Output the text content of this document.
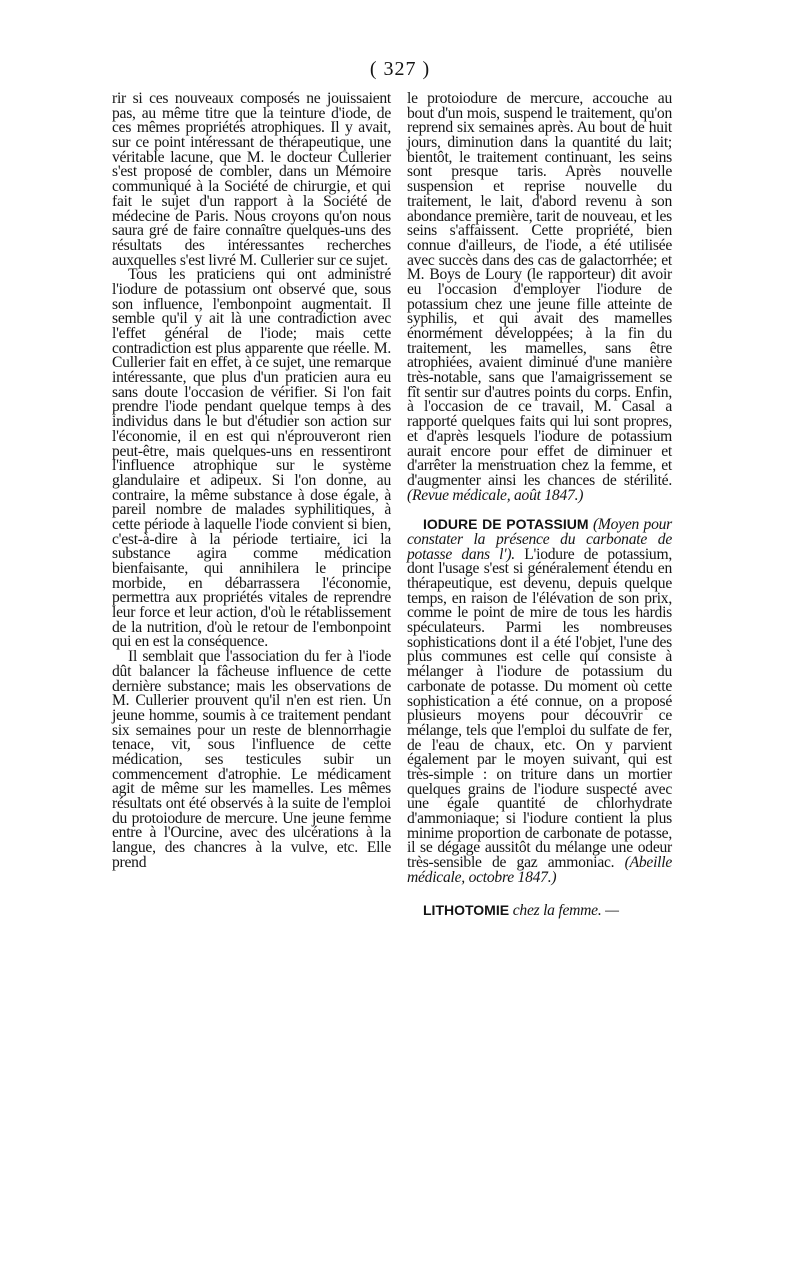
( 327 )

rir si ces nouveaux composés ne jouissaient pas, au même titre que la teinture d'iode, de ces mêmes propriétés atrophiques. Il y avait, sur ce point intéressant de thérapeutique, une véritable lacune, que M. le docteur Cullerier s'est proposé de combler, dans un Mémoire communiqué à la Société de chirurgie, et qui fait le sujet d'un rapport à la Société de médecine de Paris. Nous croyons qu'on nous saura gré de faire connaître quelques-uns des résultats des intéressantes recherches auxquelles s'est livré M. Cullerier sur ce sujet.

Tous les praticiens qui ont administré l'iodure de potassium ont observé que, sous son influence, l'embonpoint augmentait. Il semble qu'il y ait là une contradiction avec l'effet général de l'iode; mais cette contradiction est plus apparente que réelle. M. Cullerier fait en effet, à ce sujet, une remarque intéressante, que plus d'un praticien aura eu sans doute l'occasion de vérifier. Si l'on fait prendre l'iode pendant quelque temps à des individus dans le but d'étudier son action sur l'économie, il en est qui n'éprouveront rien peut-être, mais quelques-uns en ressentiront l'influence atrophique sur le système glandulaire et adipeux. Si l'on donne, au contraire, la même substance à dose égale, à pareil nombre de malades syphilitiques, à cette période à laquelle l'iode convient si bien, c'est-à-dire à la période tertiaire, ici la substance agira comme médication bienfaisante, qui annihilera le principe morbide, en débarrassera l'économie, permettra aux propriétés vitales de reprendre leur force et leur action, d'où le rétablissement de la nutrition, d'où le retour de l'embonpoint qui en est la conséquence.

Il semblait que l'association du fer à l'iode dût balancer la fâcheuse influence de cette dernière substance; mais les observations de M. Cullerier prouvent qu'il n'en est rien. Un jeune homme, soumis à ce traitement pendant six semaines pour un reste de blennorrhagie tenace, vit, sous l'influence de cette médication, ses testicules subir un commencement d'atrophie. Le médicament agit de même sur les mamelles. Les mêmes résultats ont été observés à la suite de l'emploi du protoiodure de mercure. Une jeune femme entre à l'Ourcine, avec des ulcérations à la langue, des chancres à la vulve, etc. Elle prend

le protoiodure de mercure, accouche au bout d'un mois, suspend le traitement, qu'on reprend six semaines après. Au bout de huit jours, diminution dans la quantité du lait; bientôt, le traitement continuant, les seins sont presque taris. Après nouvelle suspension et reprise nouvelle du traitement, le lait, d'abord revenu à son abondance première, tarit de nouveau, et les seins s'affaissent. Cette propriété, bien connue d'ailleurs, de l'iode, a été utilisée avec succès dans des cas de galactorrhée; et M. Boys de Loury (le rapporteur) dit avoir eu l'occasion d'employer l'iodure de potassium chez une jeune fille atteinte de syphilis, et qui avait des mamelles énormément développées; à la fin du traitement, les mamelles, sans être atrophiées, avaient diminué d'une manière très-notable, sans que l'amaigrissement se fît sentir sur d'autres points du corps. Enfin, à l'occasion de ce travail, M. Casal a rapporté quelques faits qui lui sont propres, et d'après lesquels l'iodure de potassium aurait encore pour effet de diminuer et d'arrêter la menstruation chez la femme, et d'augmenter ainsi les chances de stérilité. (Revue médicale, août 1847.)

IODURE DE POTASSIUM (Moyen pour constater la présence du carbonate de potasse dans l'). L'iodure de potassium, dont l'usage s'est si généralement étendu en thérapeutique, est devenu, depuis quelque temps, en raison de l'élévation de son prix, comme le point de mire de tous les hardis spéculateurs. Parmi les nombreuses sophistications dont il a été l'objet, l'une des plus communes est celle qui consiste à mélanger à l'iodure de potassium du carbonate de potasse. Du moment où cette sophistication a été connue, on a proposé plusieurs moyens pour découvrir ce mélange, tels que l'emploi du sulfate de fer, de l'eau de chaux, etc. On y parvient également par le moyen suivant, qui est très-simple : on triture dans un mortier quelques grains de l'iodure suspecté avec une égale quantité de chlorhydrate d'ammoniaque; si l'iodure contient la plus minime proportion de carbonate de potasse, il se dégage aussitôt du mélange une odeur très-sensible de gaz ammoniac. (Abeille médicale, octobre 1847.)

LITHOTOMIE chez la femme. —
